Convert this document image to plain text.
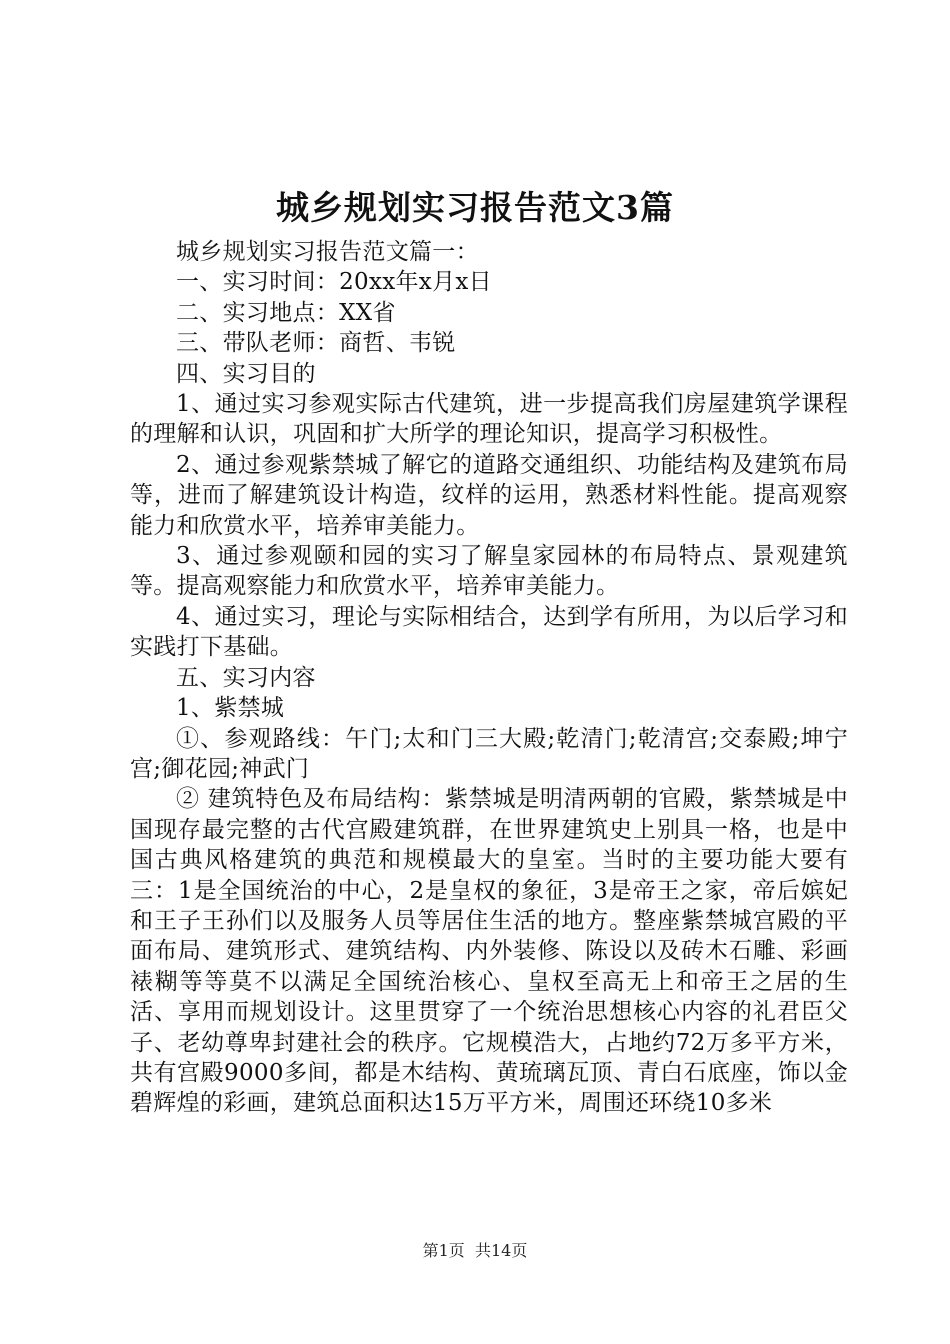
城乡规划实习报告范文3篇

城乡规划实习报告范文篇一：

一、实习时间：20xx年x月x日

二、实习地点：XX省

三、带队老师：商哲、韦锐

四、实习目的

1、通过实习参观实际古代建筑，进一步提高我们房屋建筑学课程的理解和认识，巩固和扩大所学的理论知识，提高学习积极性。

2、通过参观紫禁城了解它的道路交通组织、功能结构及建筑布局等，进而了解建筑设计构造，纹样的运用，熟悉材料性能。提高观察能力和欣赏水平，培养审美能力。

3、通过参观颐和园的实习了解皇家园林的布局特点、景观建筑等。提高观察能力和欣赏水平，培养审美能力。

4、通过实习，理论与实际相结合，达到学有所用，为以后学习和实践打下基础。

五、实习内容

1、紫禁城

①、参观路线：午门;太和门三大殿;乾清门;乾清宫;交泰殿;坤宁宫;御花园;神武门

② 建筑特色及布局结构：紫禁城是明清两朝的官殿，紫禁城是中国现存最完整的古代宫殿建筑群，在世界建筑史上别具一格，也是中国古典风格建筑的典范和规模最大的皇室。当时的主要功能大要有三：1是全国统治的中心，2是皇权的象征，3是帝王之家，帝后嫔妃和王子王孙们以及服务人员等居住生活的地方。整座紫禁城宫殿的平面布局、建筑形式、建筑结构、内外装修、陈设以及砖木石雕、彩画裱糊等等莫不以满足全国统治核心、皇权至高无上和帝王之居的生活、享用而规划设计。这里贯穿了一个统治思想核心内容的礼君臣父子、老幼尊卑封建社会的秩序。它规模浩大，占地约72万多平方米，共有宫殿9000多间，都是木结构、黄琉璃瓦顶、青白石底座，饰以金碧辉煌的彩画，建筑总面积达15万平方米，周围还环绕10多米

第1页 共14页
